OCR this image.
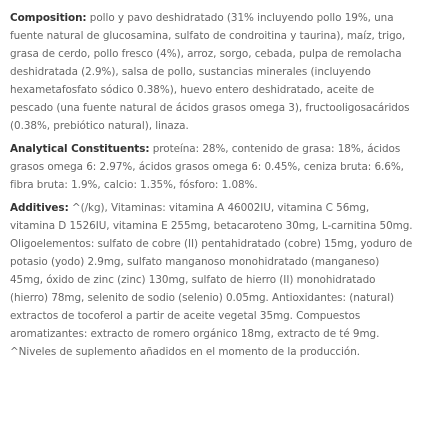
Composition: pollo y pavo deshidratado (31% incluyendo pollo 19%, una fuente natural de glucosamina, sulfato de condroitina y taurina), maíz, trigo, grasa de cerdo, pollo fresco (4%), arroz, sorgo, cebada, pulpa de remolacha deshidratada (2.9%), salsa de pollo, sustancias minerales (incluyendo hexametafosfato sódico 0.38%), huevo entero deshidratado, aceite de pescado (una fuente natural de ácidos grasos omega 3), fructooligosacáridos (0.38%, prebiótico natural), linaza.

Analytical Constituents: proteína: 28%, contenido de grasa: 18%, ácidos grasos omega 6: 2.97%, ácidos grasos omega 6: 0.45%, ceniza bruta: 6.6%, fibra bruta: 1.9%, calcio: 1.35%, fósforo: 1.08%.

Additives: ^(/kg), Vitaminas: vitamina A 46002IU, vitamina C 56mg, vitamina D 1526IU, vitamina E 255mg, betacaroteno 30mg, L-carnitina 50mg. Oligoelementos: sulfato de cobre (II) pentahidratado (cobre) 15mg, yoduro de potasio (yodo) 2.9mg, sulfato manganoso monohidratado (manganeso) 45mg, óxido de zinc (zinc) 130mg, sulfato de hierro (II) monohidratado (hierro) 78mg, selenito de sodio (selenio) 0.05mg. Antioxidantes: (natural) extractos de tocoferol a partir de aceite vegetal 35mg. Compuestos aromatizantes: extracto de romero orgánico 18mg, extracto de té 9mg. ^Niveles de suplemento añadidos en el momento de la producción.
